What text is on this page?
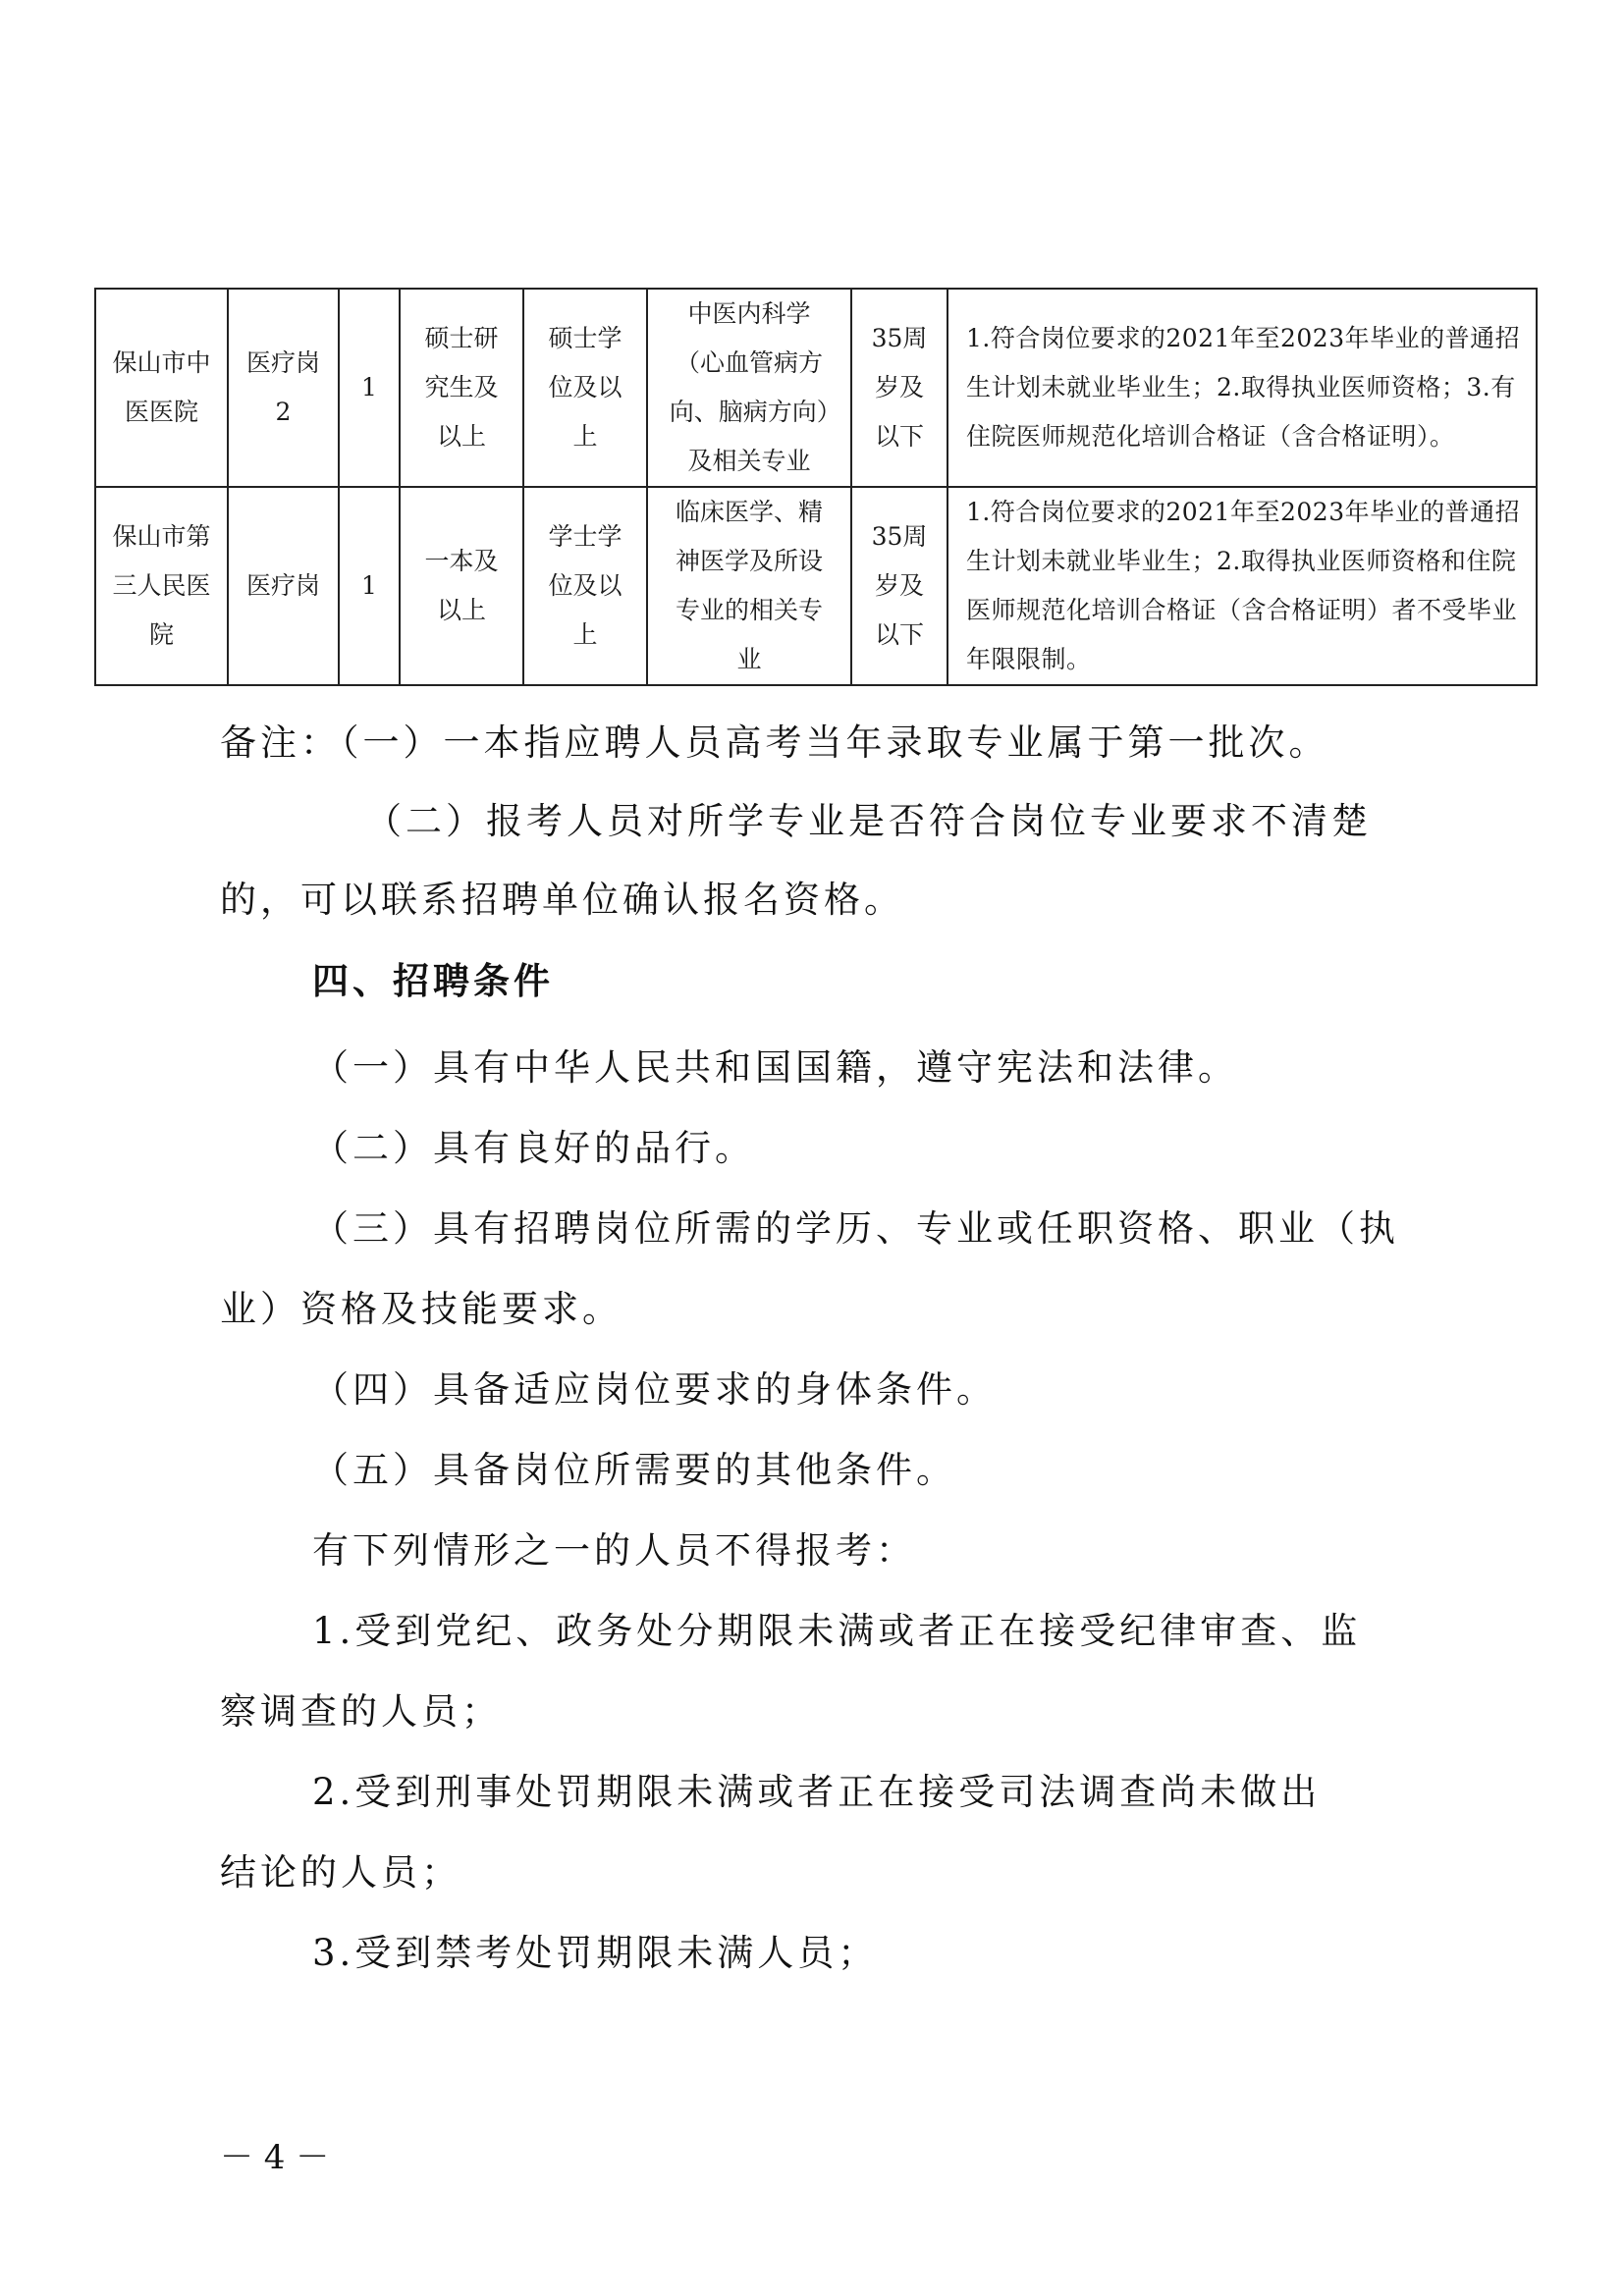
保山市中医医院	医疗岗2	1	硕士研究生及以上	硕士学位及以上	中医内科学（心血管病方向、脑病方向）及相关专业	35周岁及以下	1.符合岗位要求的2021年至2023年毕业的普通招生计划未就业毕业生；2.取得执业医师资格；3.有住院医师规范化培训合格证（含合格证明）。

保山市第三人民医院	医疗岗	1	一本及以上	学士学位及以上	临床医学、精神医学及所设专业的相关专业	35周岁及以下	1.符合岗位要求的2021年至2023年毕业的普通招生计划未就业毕业生；2.取得执业医师资格和住院医师规范化培训合格证（含合格证明）者不受毕业年限限制。
备注：（一）一本指应聘人员高考当年录取专业属于第一批次。
（二）报考人员对所学专业是否符合岗位专业要求不清楚
的，可以联系招聘单位确认报名资格。
四、招聘条件
（一）具有中华人民共和国国籍，遵守宪法和法律。
（二）具有良好的品行。
（三）具有招聘岗位所需的学历、专业或任职资格、职业（执
业）资格及技能要求。
（四）具备适应岗位要求的身体条件。
（五）具备岗位所需要的其他条件。
有下列情形之一的人员不得报考：
1.受到党纪、政务处分期限未满或者正在接受纪律审查、监
察调查的人员；
2.受到刑事处罚期限未满或者正在接受司法调查尚未做出
结论的人员；
3.受到禁考处罚期限未满人员；
－ 4 －
